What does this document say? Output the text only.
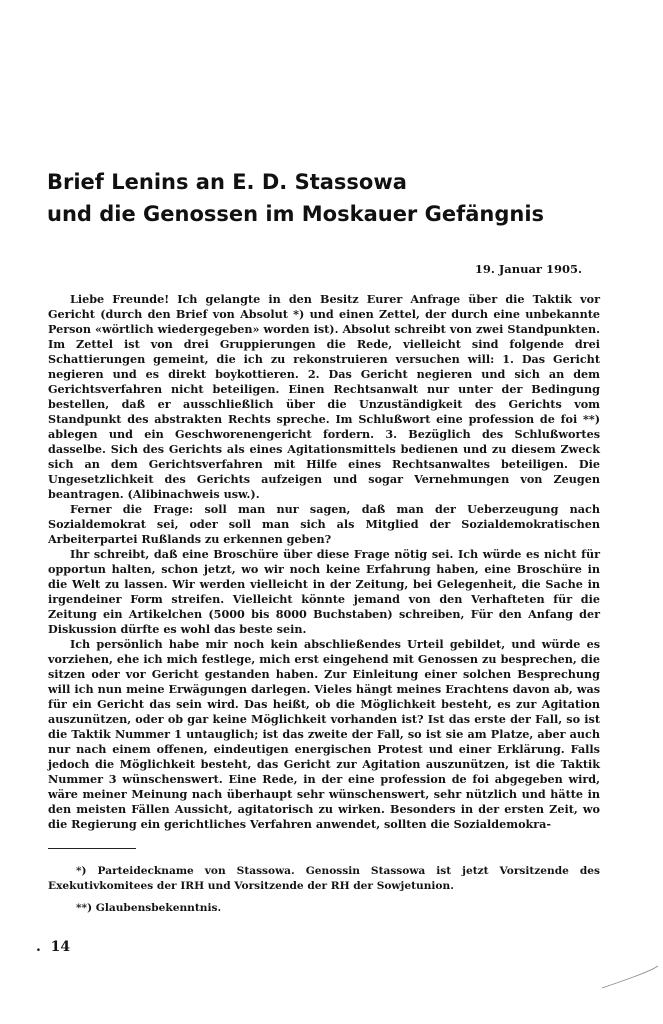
Brief Lenins an E. D. Stassowa
und die Genossen im Moskauer Gefängnis
19. Januar 1905.

Liebe Freunde! Ich gelangte in den Besitz Eurer Anfrage über die Taktik vor Gericht (durch den Brief von Absolut *) und einen Zettel, der durch eine unbekannte Person «wörtlich wiedergegeben» worden ist). Absolut schreibt von zwei Standpunkten. Im Zettel ist von drei Gruppierungen die Rede, vielleicht sind folgende drei Schattierungen gemeint, die ich zu rekonstruieren versuchen will: 1. Das Gericht negieren und es direkt boykottieren. 2. Das Gericht negieren und sich an dem Gerichtsverfahren nicht beteiligen. Einen Rechtsanwalt nur unter der Bedingung bestellen, daß er ausschließlich über die Unzuständigkeit des Gerichts vom Standpunkt des abstrakten Rechts spreche. Im Schlußwort eine profession de foi **) ablegen und ein Geschworenengericht fordern. 3. Bezüglich des Schlußwortes dasselbe. Sich des Gerichts als eines Agitationsmittels bedienen und zu diesem Zweck sich an dem Gerichtsverfahren mit Hilfe eines Rechtsanwaltes beteiligen. Die Ungesetzlichkeit des Gerichts aufzeigen und sogar Vernehmungen von Zeugen beantragen. (Alibinachweis usw.).

Ferner die Frage: soll man nur sagen, daß man der Ueberzeugung nach Sozialdemokrat sei, oder soll man sich als Mitglied der Sozialdemokratischen Arbeiterpartei Rußlands zu erkennen geben?

Ihr schreibt, daß eine Broschüre über diese Frage nötig sei. Ich würde es nicht für opportun halten, schon jetzt, wo wir noch keine Erfahrung haben, eine Broschüre in die Welt zu lassen. Wir werden vielleicht in der Zeitung, bei Gelegenheit, die Sache in irgendeiner Form streifen. Vielleicht könnte jemand von den Verhafteten für die Zeitung ein Artikelchen (5000 bis 8000 Buchstaben) schreiben, Für den Anfang der Diskussion dürfte es wohl das beste sein.

Ich persönlich habe mir noch kein abschließendes Urteil gebildet, und würde es vorziehen, ehe ich mich festlege, mich erst eingehend mit Genossen zu besprechen, die sitzen oder vor Gericht gestanden haben. Zur Einleitung einer solchen Besprechung will ich nun meine Erwägungen darlegen. Vieles hängt meines Erachtens davon ab, was für ein Gericht das sein wird. Das heißt, ob die Möglichkeit besteht, es zur Agitation auszunützen, oder ob gar keine Möglichkeit vorhanden ist? Ist das erste der Fall, so ist die Taktik Nummer 1 untauglich; ist das zweite der Fall, so ist sie am Platze, aber auch nur nach einem offenen, eindeutigen energischen Protest und einer Erklärung. Falls jedoch die Möglichkeit besteht, das Gericht zur Agitation auszunützen, ist die Taktik Nummer 3 wünschenswert. Eine Rede, in der eine profession de foi abgegeben wird, wäre meiner Meinung nach überhaupt sehr wünschenswert, sehr nützlich und hätte in den meisten Fällen Aussicht, agitatorisch zu wirken. Besonders in der ersten Zeit, wo die Regierung ein gerichtliches Verfahren anwendet, sollten die Sozialdemokra-

*) Parteideckname von Stassowa. Genossin Stassowa ist jetzt Vorsitzende des Exekutivkomitees der IRH und Vorsitzende der RH der Sowjetunion.

**) Glaubensbekenntnis.

.  14
